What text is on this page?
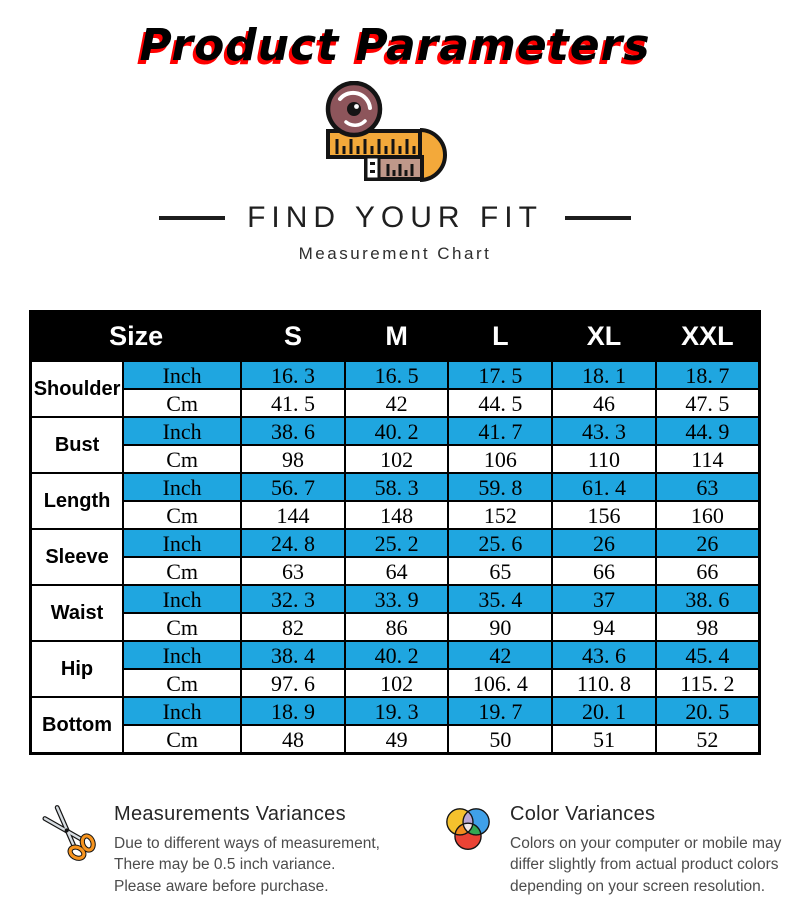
Product Parameters
FIND YOUR FIT
Measurement Chart
Size		S	M	L	XL	XXL
Shoulder	Inch	16. 3	16. 5	17. 5	18. 1	18. 7
	Cm	41. 5	42	44. 5	46	47. 5
Bust	Inch	38. 6	40. 2	41. 7	43. 3	44. 9
	Cm	98	102	106	110	114
Length	Inch	56. 7	58. 3	59. 8	61. 4	63
	Cm	144	148	152	156	160
Sleeve	Inch	24. 8	25. 2	25. 6	26	26
	Cm	63	64	65	66	66
Waist	Inch	32. 3	33. 9	35. 4	37	38. 6
	Cm	82	86	90	94	98
Hip	Inch	38. 4	40. 2	42	43. 6	45. 4
	Cm	97. 6	102	106. 4	110. 8	115. 2
Bottom	Inch	18. 9	19. 3	19. 7	20. 1	20. 5
	Cm	48	49	50	51	52
Measurements Variances
Due to different ways of measurement, There may be 0.5 inch variance. Please aware before purchase.
Color Variances
Colors on your computer or mobile may differ slightly from actual product colors depending on your screen resolution.
